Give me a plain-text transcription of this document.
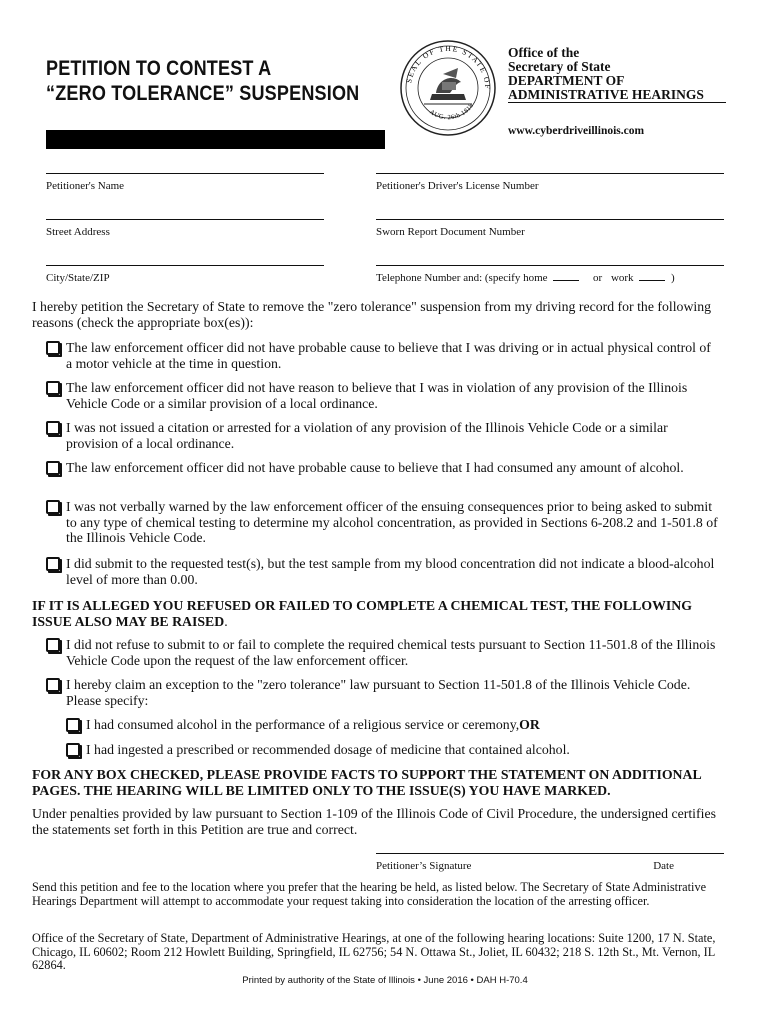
PETITION TO CONTEST A
“ZERO TOLERANCE” SUSPENSION
SEAL OF THE STATE OF
AUG. 26th 1818
Office of the
Secretary of State
DEPARTMENT OF
ADMINISTRATIVE HEARINGS
www.cyberdriveillinois.com
Petitioner's Name	Petitioner's Driver's License Number
Street Address	Sworn Report Document Number
City/State/ZIP	Telephone Number and: (specify home	or work	)
I hereby petition the Secretary of State to remove the "zero tolerance" suspension from my driving record for the following reasons (check the appropriate box(es)):
The law enforcement officer did not have probable cause to believe that I was driving or in actual physical control of a motor vehicle at the time in question.
The law enforcement officer did not have reason to believe that I was in violation of any provision of the Illinois Vehicle Code or a similar provision of a local ordinance.
I was not issued a citation or arrested for a violation of any provision of the Illinois Vehicle Code or a similar provision of a local ordinance.
The law enforcement officer did not have probable cause to believe that I had consumed any amount of alcohol.
I was not verbally warned by the law enforcement officer of the ensuing consequences prior to being asked to submit to any type of chemical testing to determine my alcohol concentration, as provided in Sections 6-208.2 and 1-501.8 of the Illinois Vehicle Code.
I did submit to the requested test(s), but the test sample from my blood concentration did not indicate a blood-alcohol level of more than 0.00.
IF IT IS ALLEGED YOU REFUSED OR FAILED TO COMPLETE A CHEMICAL TEST, THE FOLLOWING ISSUE ALSO MAY BE RAISED.
I did not refuse to submit to or fail to complete the required chemical tests pursuant to Section 11-501.8 of the Illinois Vehicle Code upon the request of the law enforcement officer.
I hereby claim an exception to the "zero tolerance" law pursuant to Section 11-501.8 of the Illinois Vehicle Code. Please specify:
I had consumed alcohol in the performance of a religious service or ceremony,OR
I had ingested a prescribed or recommended dosage of medicine that contained alcohol.
FOR ANY BOX CHECKED, PLEASE PROVIDE FACTS TO SUPPORT THE STATEMENT ON ADDITIONAL PAGES. THE HEARING WILL BE LIMITED ONLY TO THE ISSUE(S) YOU HAVE MARKED.
Under penalties provided by law pursuant to Section 1-109 of the Illinois Code of Civil Procedure, the undersigned certifies the statements set forth in this Petition are true and correct.
Petitioner’s Signature	Date
Send this petition and fee to the location where you prefer that the hearing be held, as listed below. The Secretary of State Administrative Hearings Department will attempt to accommodate your request taking into consideration the location of the arresting officer.
Office of the Secretary of State, Department of Administrative Hearings, at one of the following hearing locations: Suite 1200, 17 N. State, Chicago, IL 60602; Room 212 Howlett Building, Springfield, IL 62756; 54 N. Ottawa St., Joliet, IL 60432; 218 S. 12th St., Mt. Vernon, IL 62864.
Printed by authority of the State of Illinois • June 2016 • DAH H-70.4
